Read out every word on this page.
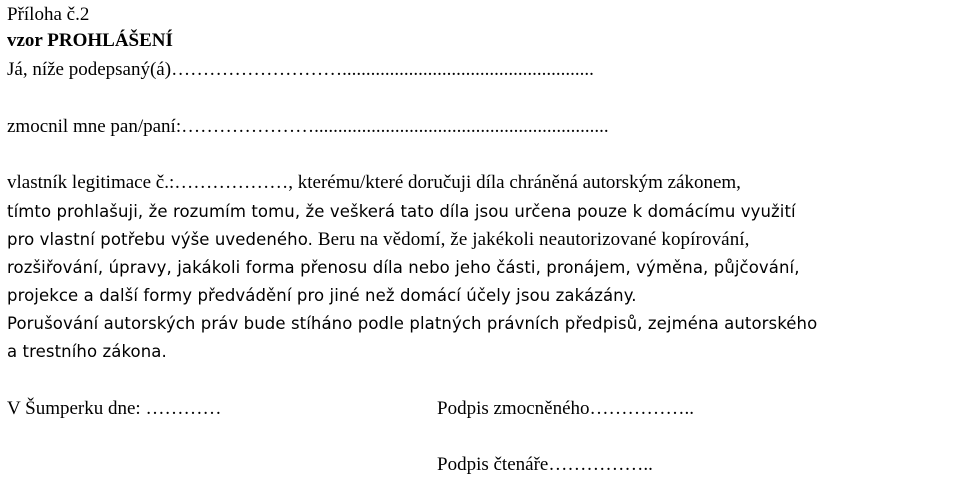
Příloha č.2
vzor PROHLÁŠENÍ
Já, níže podepsaný(á)……………………….....................................................
zmocnil mne pan/paní:…………………..............................................................
vlastník legitimace č.:………………, kterému/které doručuji díla chráněná autorským zákonem,
tímto prohlašuji, že rozumím tomu, že veškerá tato díla jsou určena pouze k domácímu využití
pro vlastní potřebu výše uvedeného. Beru na vědomí, že jakékoli neautorizované kopírování,
rozšiřování, úpravy, jakákoli forma přenosu díla nebo jeho části, pronájem, výměna, půjčování,
projekce a další formy předvádění pro jiné než domácí účely jsou zakázány.
Porušování autorských práv bude stíháno podle platných právních předpisů, zejména autorského
a trestního zákona.
V Šumperku dne: …………	Podpis zmocněného……………..
Podpis čtenáře……………..
